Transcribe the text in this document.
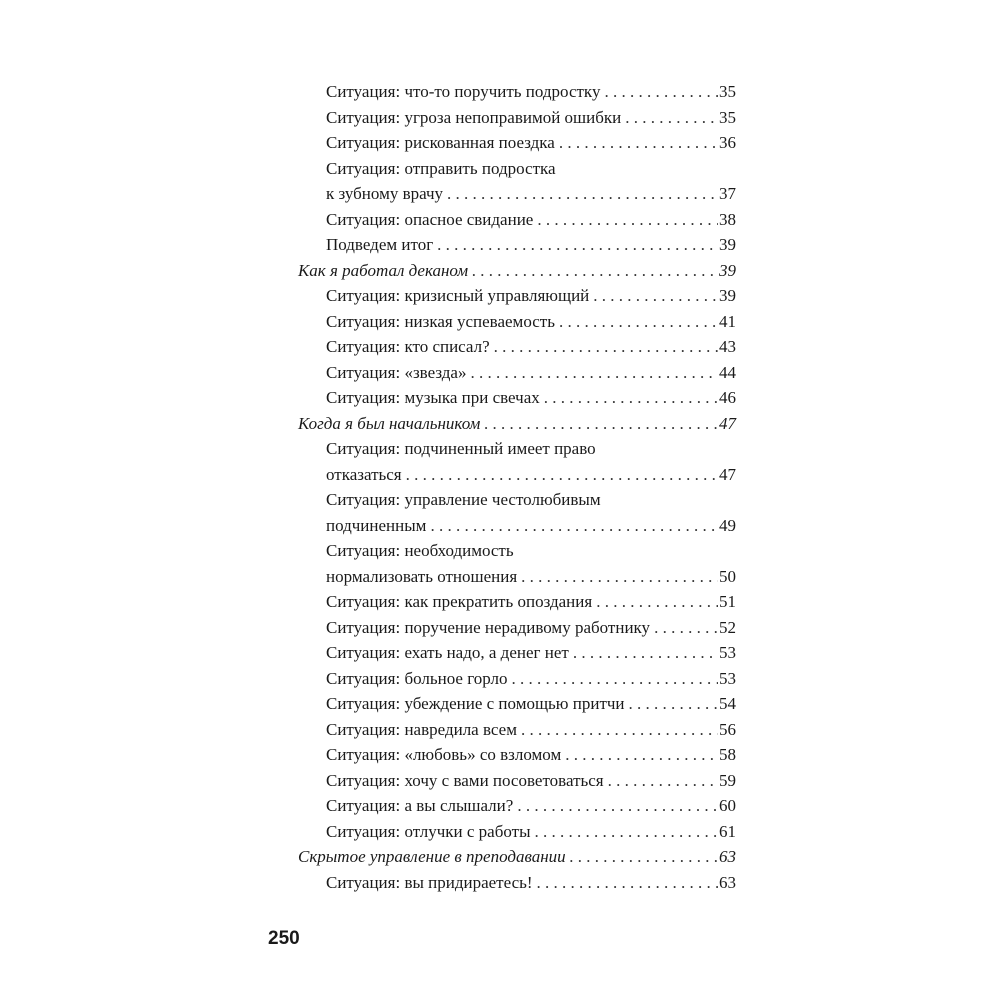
Ситуация: что-то поручить подростку . . .	35
Ситуация: угроза непоправимой ошибки . . .	35
Ситуация: рискованная поездка . . .	36
Ситуация: отправить подростка
к зубному врачу . . .	37
Ситуация: опасное свидание . . .	38
Подведем итог . . .	39
Как я работал деканом . . .	39
Ситуация: кризисный управляющий . . .	39
Ситуация: низкая успеваемость . . .	41
Ситуация: кто списал? . . .	43
Ситуация: «звезда» . . .	44
Ситуация: музыка при свечах . . .	46
Когда я был начальником . . .	47
Ситуация: подчиненный имеет право
отказаться . . .	47
Ситуация: управление честолюбивым
подчиненным . . .	49
Ситуация: необходимость
нормализовать отношения . . .	50
Ситуация: как прекратить опоздания . . .	51
Ситуация: поручение нерадивому работнику . . .	52
Ситуация: ехать надо, а денег нет . . .	53
Ситуация: больное горло . . .	53
Ситуация: убеждение с помощью притчи . . .	54
Ситуация: навредила всем . . .	56
Ситуация: «любовь» со взломом . . .	58
Ситуация: хочу с вами посоветоваться . . .	59
Ситуация: а вы слышали? . . .	60
Ситуация: отлучки с работы . . .	61
Скрытое управление в преподавании . . .	63
Ситуация: вы придираетесь! . . .	63
250
